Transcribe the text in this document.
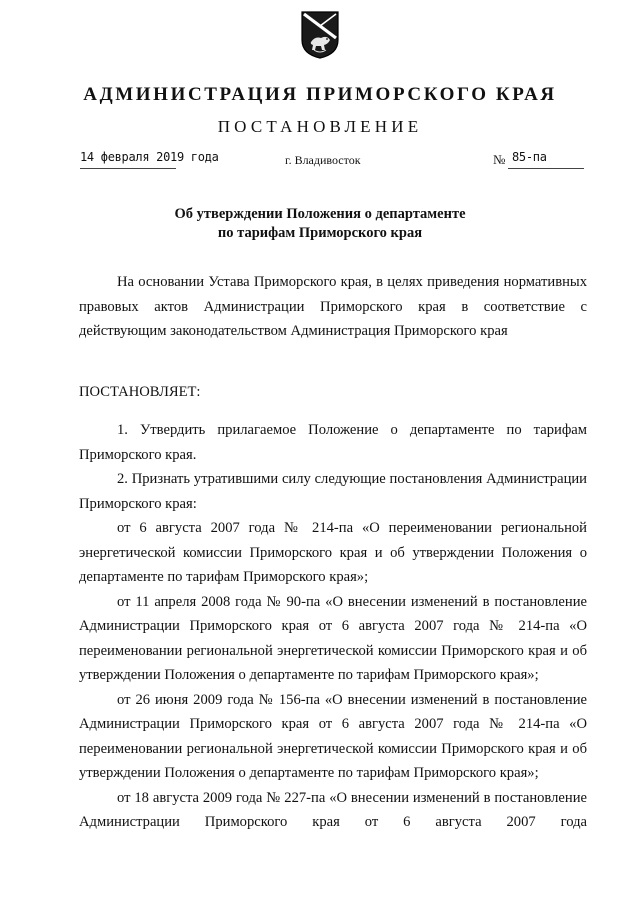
АДМИНИСТРАЦИЯ ПРИМОРСКОГО КРАЯ
ПОСТАНОВЛЕНИЕ
14 февраля 2019 года	г. Владивосток	№ 85-па
Об утверждении Положения о департаменте
по тарифам Приморского края

На основании Устава Приморского края, в целях приведения нормативных правовых актов Администрации Приморского края в соответствие с действующим законодательством Администрация Приморского края

ПОСТАНОВЛЯЕТ:

1. Утвердить прилагаемое Положение о департаменте по тарифам Приморского края.

2. Признать утратившими силу следующие постановления Администрации Приморского края:

от 6 августа 2007 года № 214-па «О переименовании региональной энергетической комиссии Приморского края и об утверждении Положения о департаменте по тарифам Приморского края»;

от 11 апреля 2008 года № 90-па «О внесении изменений в постановление Администрации Приморского края от 6 августа 2007 года № 214-па «О переименовании региональной энергетической комиссии Приморского края и об утверждении Положения о департаменте по тарифам Приморского края»;

от 26 июня 2009 года № 156-па «О внесении изменений в постановление Администрации Приморского края от 6 августа 2007 года № 214-па «О переименовании региональной энергетической комиссии Приморского края и об утверждении Положения о департаменте по тарифам Приморского края»;

от 18 августа 2009 года № 227-па «О внесении изменений в постановление Администрации Приморского края от 6 августа 2007 года
